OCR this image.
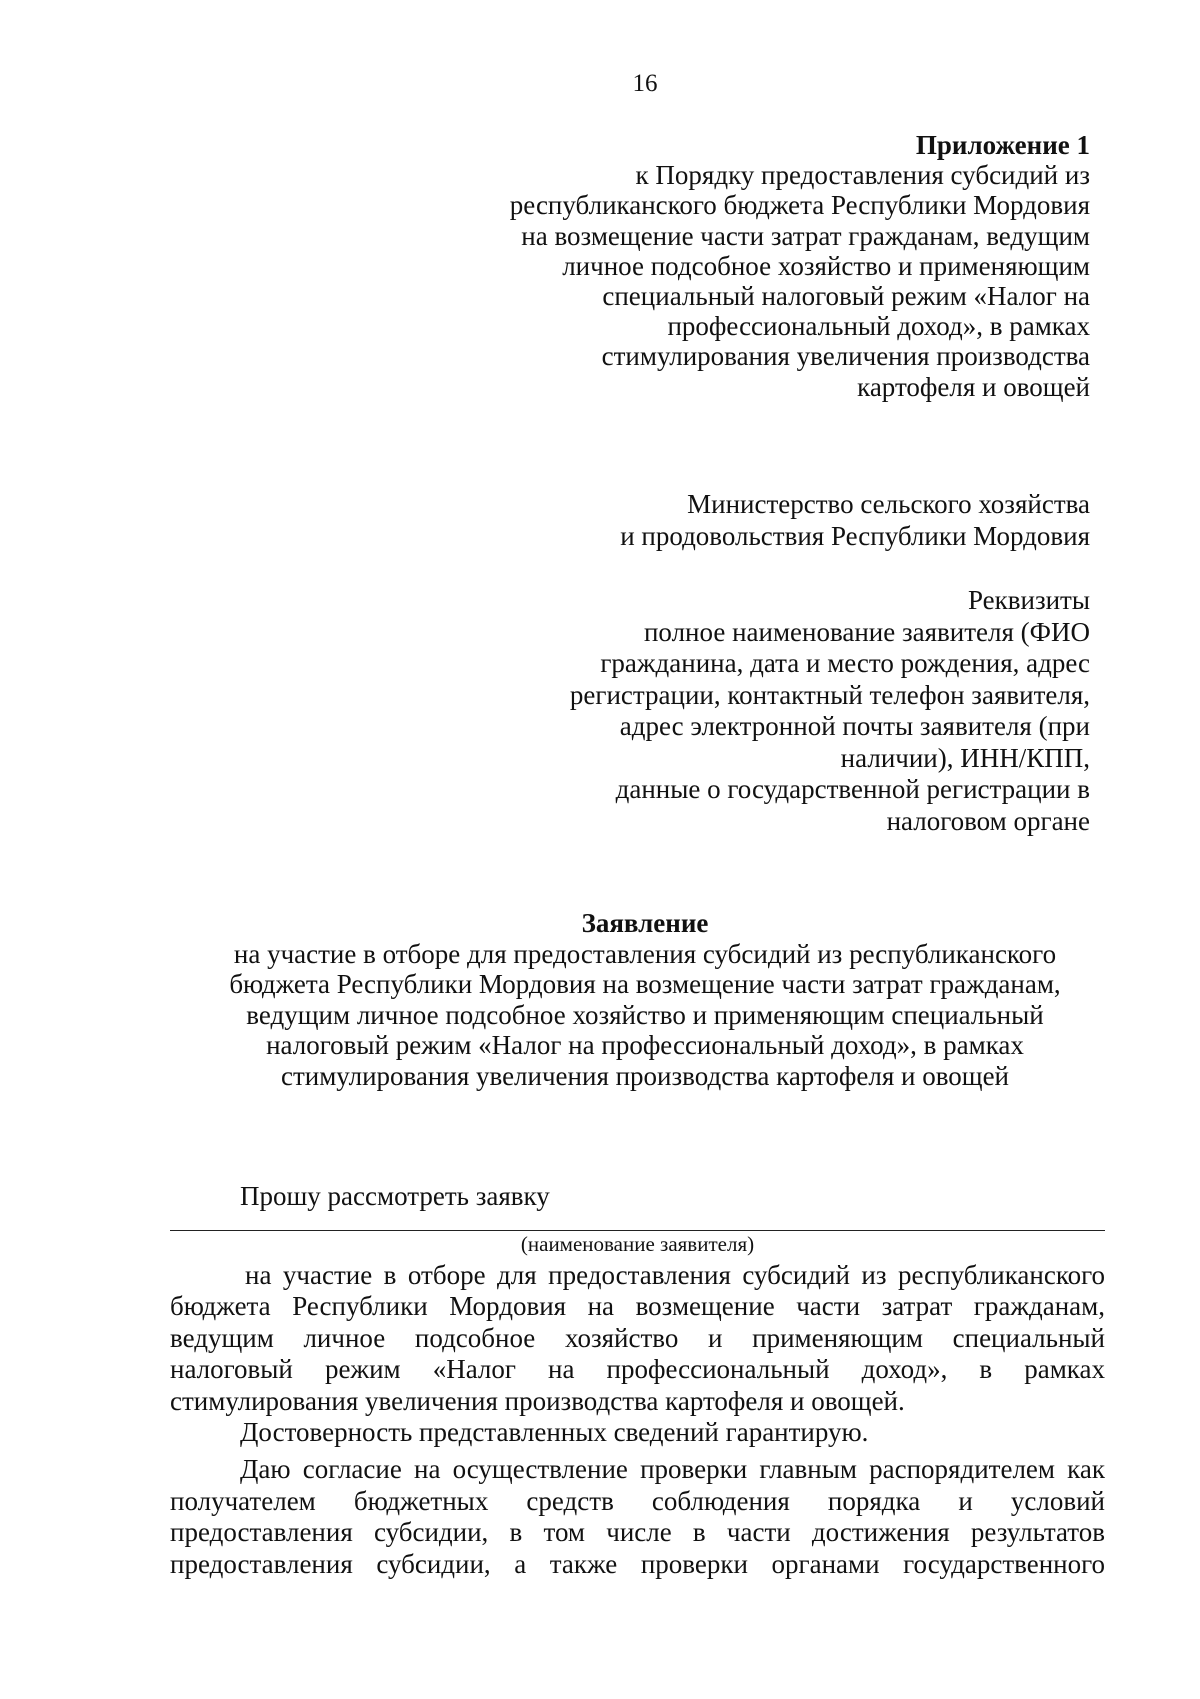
16
Приложение 1
к Порядку предоставления субсидий из
республиканского бюджета Республики Мордовия
на возмещение части затрат гражданам, ведущим
личное подсобное хозяйство и применяющим
специальный налоговый режим «Налог на
профессиональный доход», в рамках
стимулирования увеличения производства
картофеля и овощей
Министерство сельского хозяйства
и продовольствия Республики Мордовия
Реквизиты
полное наименование заявителя (ФИО
гражданина, дата и место рождения, адрес
регистрации, контактный телефон заявителя,
адрес электронной почты заявителя (при
наличии), ИНН/КПП,
данные о государственной регистрации в
налоговом органе
Заявление
на участие в отборе для предоставления субсидий из республиканского
бюджета Республики Мордовия на возмещение части затрат гражданам,
ведущим личное подсобное хозяйство и применяющим специальный
налоговый режим «Налог на профессиональный доход», в рамках
стимулирования увеличения производства картофеля и овощей
Прошу рассмотреть заявку
(наименование заявителя)
на участие в отборе для предоставления субсидий из республиканского
бюджета Республики Мордовия на возмещение части затрат гражданам,
ведущим личное подсобное хозяйство и применяющим специальный
налоговый режим «Налог на профессиональный доход», в рамках
стимулирования увеличения производства картофеля и овощей.
Достоверность представленных сведений гарантирую.
Даю согласие на осуществление проверки главным распорядителем как
получателем бюджетных средств соблюдения порядка и условий
предоставления субсидии, в том числе в части достижения результатов
предоставления субсидии, а также проверки органами государственного
